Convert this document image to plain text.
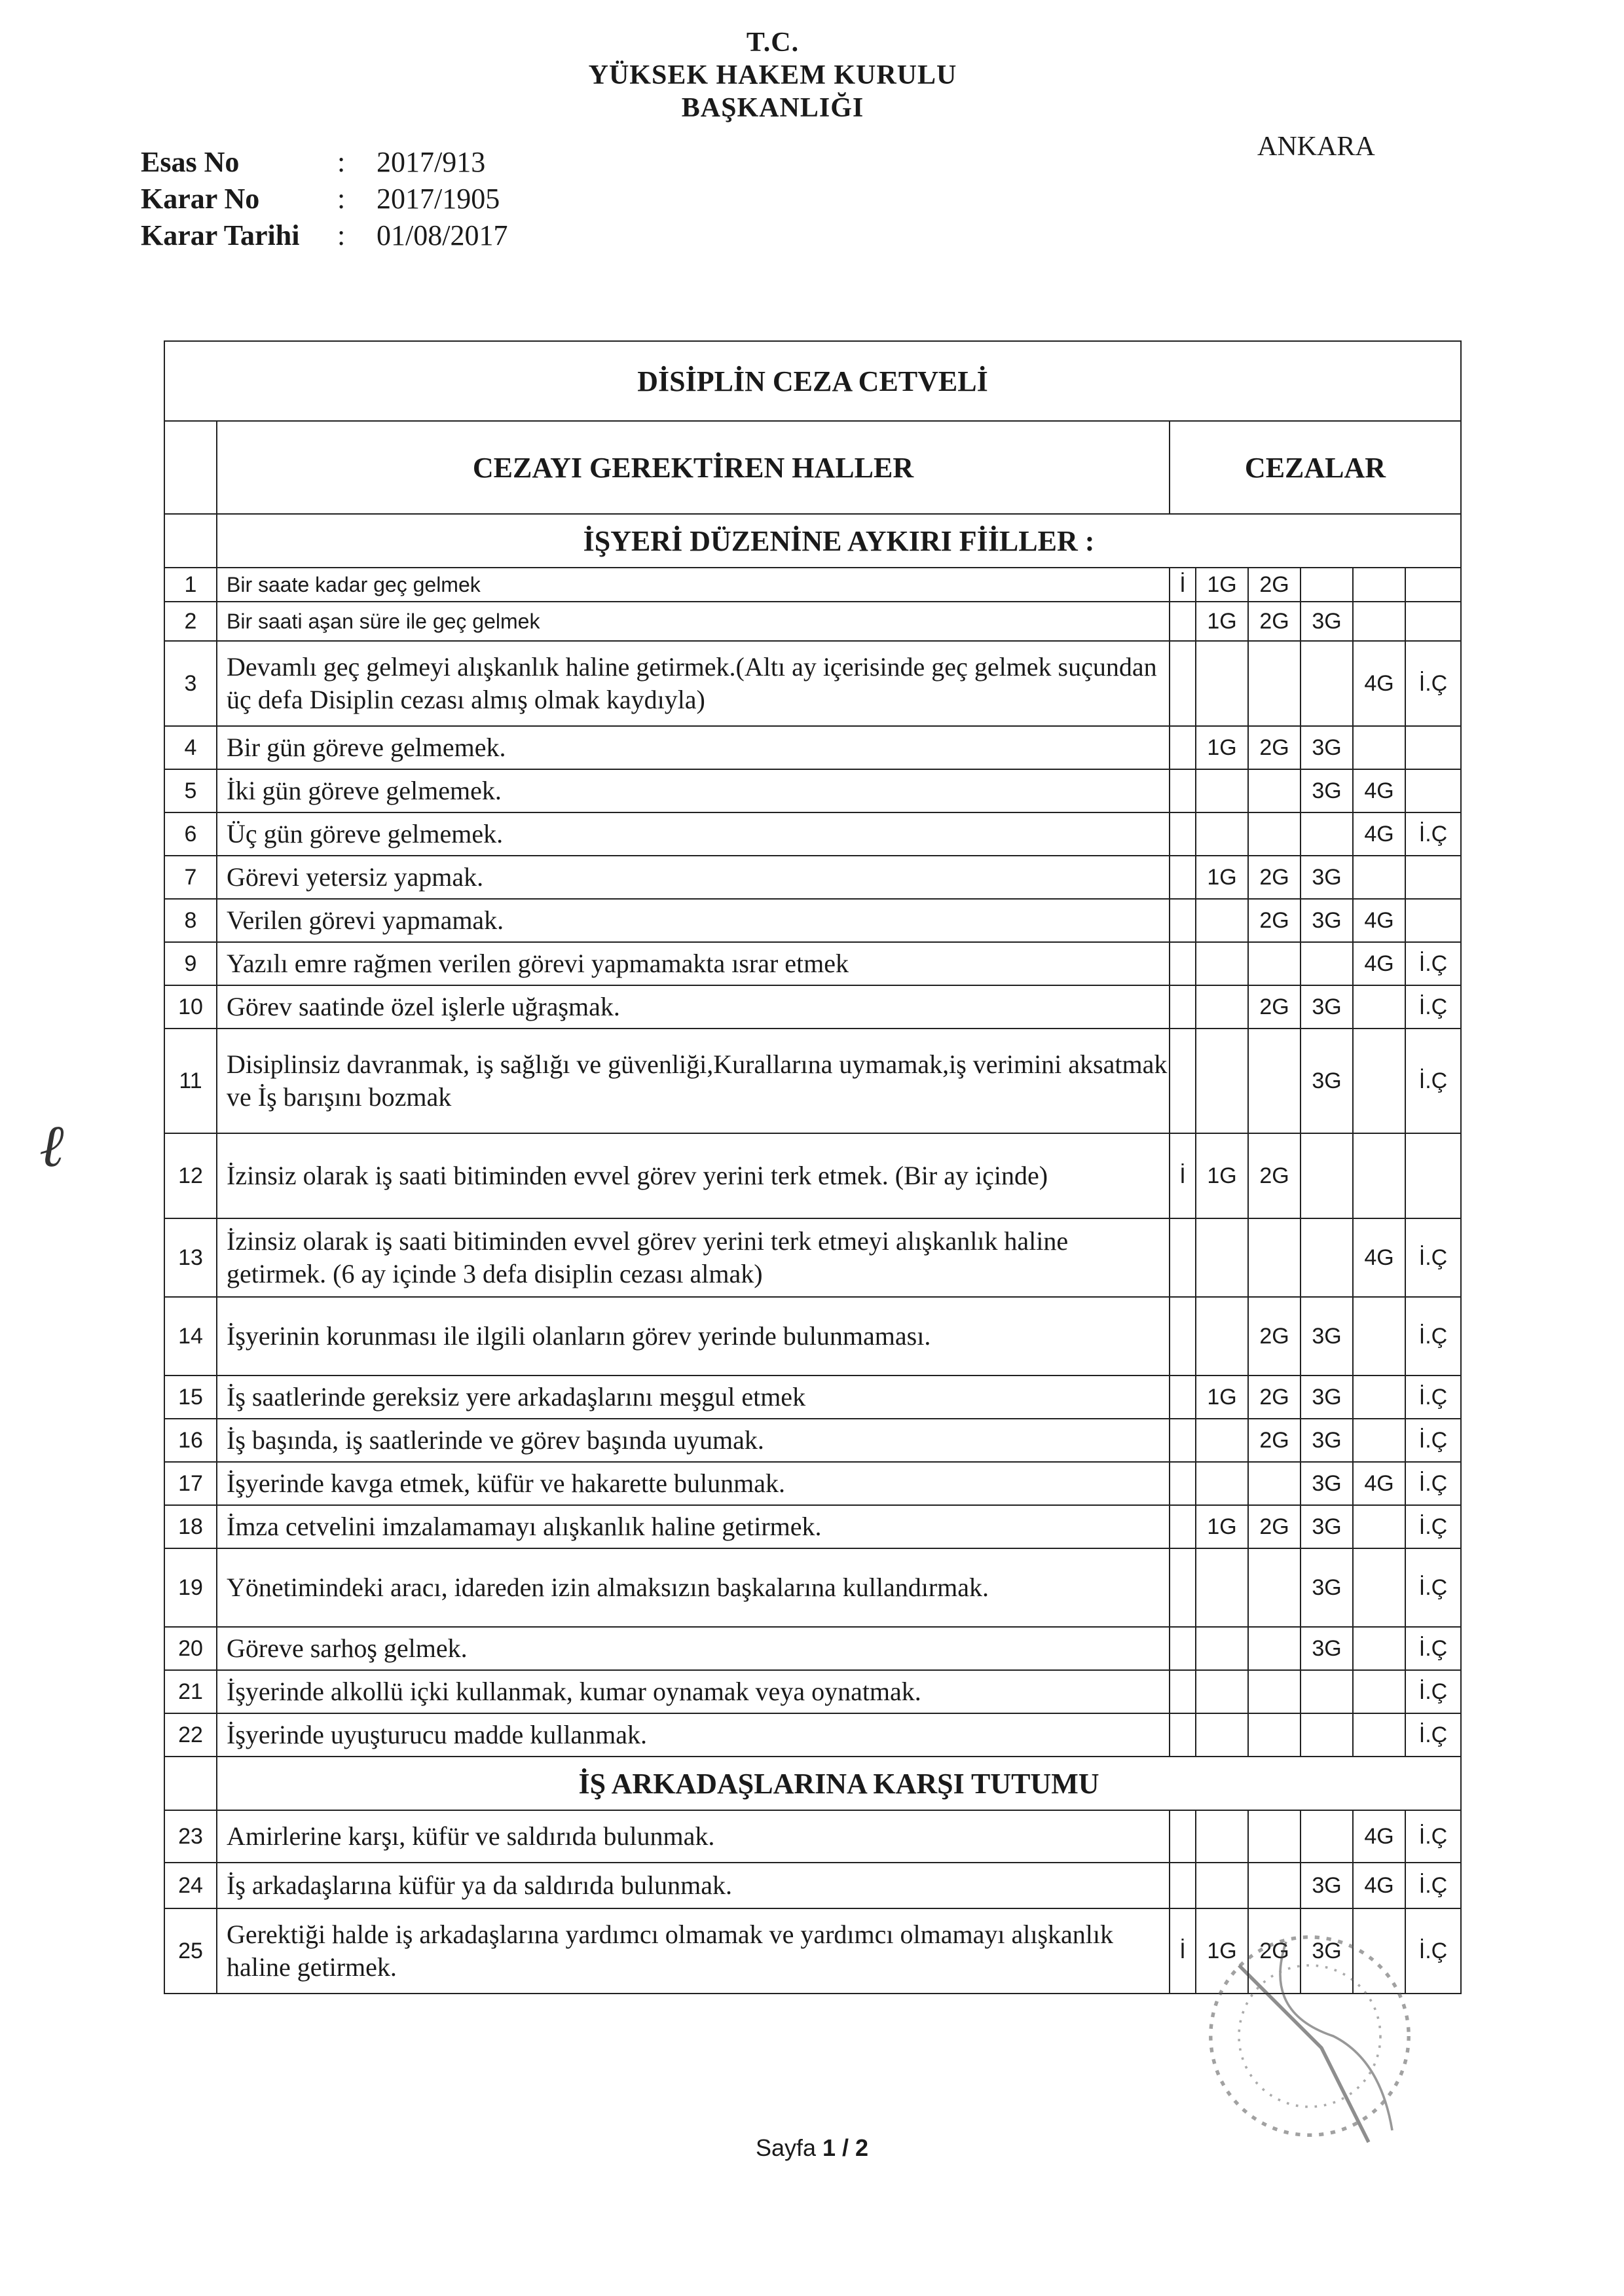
T.C.
YÜKSEK HAKEM KURULU
BAŞKANLIĞI
ANKARA
Esas No	:	2017/913
Karar No	:	2017/1905
Karar Tarihi	:	01/08/2017
ℓ
DİSİPLİN CEZA CETVELİ							
	CEZAYI GEREKTİREN HALLER	CEZALAR					
	İŞYERİ DÜZENİNE AYKIRI FİİLLER :						
1	Bir saate kadar geç gelmek	İ	1G	2G			
2	Bir saati aşan süre ile geç gelmek		1G	2G	3G		
3	Devamlı geç gelmeyi alışkanlık haline getirmek.(Altı ay içerisinde geç gelmek suçundan üç defa Disiplin cezası almış olmak kaydıyla)					4G	İ.Ç
4	Bir gün göreve gelmemek.		1G	2G	3G		
5	İki gün göreve gelmemek.				3G	4G	
6	Üç gün göreve gelmemek.					4G	İ.Ç
7	Görevi yetersiz yapmak.		1G	2G	3G		
8	Verilen görevi yapmamak.			2G	3G	4G	
9	Yazılı emre rağmen verilen görevi yapmamakta ısrar etmek					4G	İ.Ç
10	Görev saatinde özel işlerle uğraşmak.			2G	3G		İ.Ç
11	Disiplinsiz davranmak, iş sağlığı ve güvenliği,Kurallarına uymamak,iş verimini aksatmak ve İş barışını bozmak				3G		İ.Ç
12	İzinsiz olarak iş saati bitiminden evvel görev yerini terk etmek. (Bir ay içinde)	İ	1G	2G			
13	İzinsiz olarak iş saati bitiminden evvel görev yerini terk etmeyi alışkanlık haline getirmek. (6 ay içinde 3 defa disiplin cezası almak)					4G	İ.Ç
14	İşyerinin korunması ile ilgili olanların görev yerinde bulunmaması.			2G	3G		İ.Ç
15	İş saatlerinde gereksiz yere arkadaşlarını meşgul etmek		1G	2G	3G		İ.Ç
16	İş başında, iş saatlerinde ve görev başında uyumak.			2G	3G		İ.Ç
17	İşyerinde kavga etmek, küfür ve hakarette bulunmak.				3G	4G	İ.Ç
18	İmza cetvelini imzalamamayı alışkanlık haline getirmek.		1G	2G	3G		İ.Ç
19	Yönetimindeki aracı, idareden izin almaksızın başkalarına kullandırmak.				3G		İ.Ç
20	Göreve sarhoş gelmek.				3G		İ.Ç
21	İşyerinde alkollü içki kullanmak, kumar oynamak veya oynatmak.						İ.Ç
22	İşyerinde uyuşturucu madde kullanmak.						İ.Ç
	İŞ ARKADAŞLARINA KARŞI TUTUMU						
23	Amirlerine karşı, küfür ve saldırıda bulunmak.					4G	İ.Ç
24	İş arkadaşlarına küfür ya da saldırıda bulunmak.				3G	4G	İ.Ç
25	Gerektiği halde iş arkadaşlarına yardımcı olmamak ve yardımcı olmamayı alışkanlık haline getirmek.	İ	1G	2G	3G		İ.Ç
Sayfa 1 / 2
